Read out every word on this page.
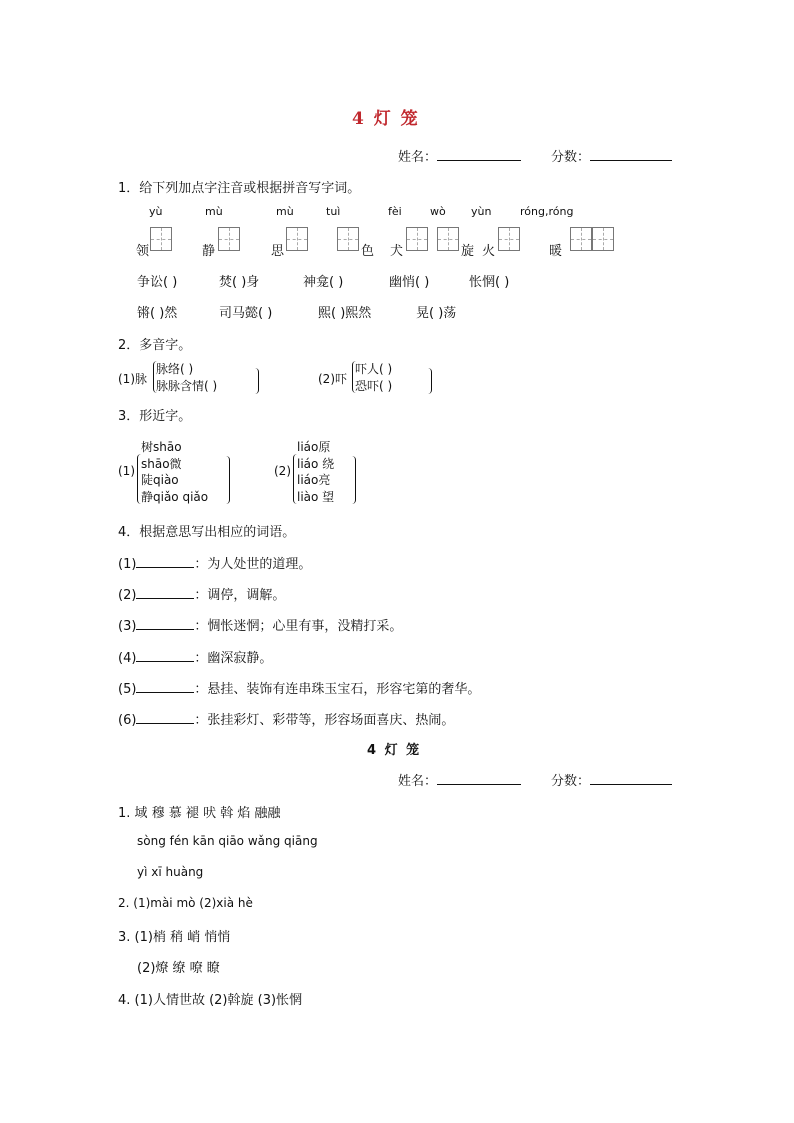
4 灯 笼
姓名：	分数：
1．给下列加点字注音或根据拼音写字词。
yù	mù	mù	tuì	fèi	wò yùn	róng,róng
领	静	思	色 犬	旋 火	暖
争讼( )	焚( )身	神龛( )	幽悄( )	怅惘( )
锵( )然	司马懿( )	熙( )熙然	晃( )荡
2．多音字。
(1)脉
脉络( )
脉脉含情( )	(2)吓
吓人( )
恐吓( )
3．形近字。
树shāo
(1) shāo微
陡qiào
静qiǎo qiǎo
liáo原
(2) liáo 绕
liáo亮
liào 望
4．根据意思写出相应的词语。
(1)	：为人处世的道理。
(2)	：调停，调解。
(3)	：惆怅迷惘；心里有事，没精打采。
(4)	：幽深寂静。
(5)	：悬挂、装饰有连串珠玉宝石，形容宅第的奢华。
(6)	：张挂彩灯、彩带等，形容场面喜庆、热闹。
4 灯 笼
姓名：	分数：
1. 域 穆 慕 褪 吠 斡 焰 融融
sòng fén kān qiāo wǎng qiāng
yì xī huàng
2. (1)mài mò (2)xià hè
3. (1)梢 稍 峭 悄悄
(2)燎 缭 嘹 瞭
4. (1)人情世故 (2)斡旋 (3)怅惘
